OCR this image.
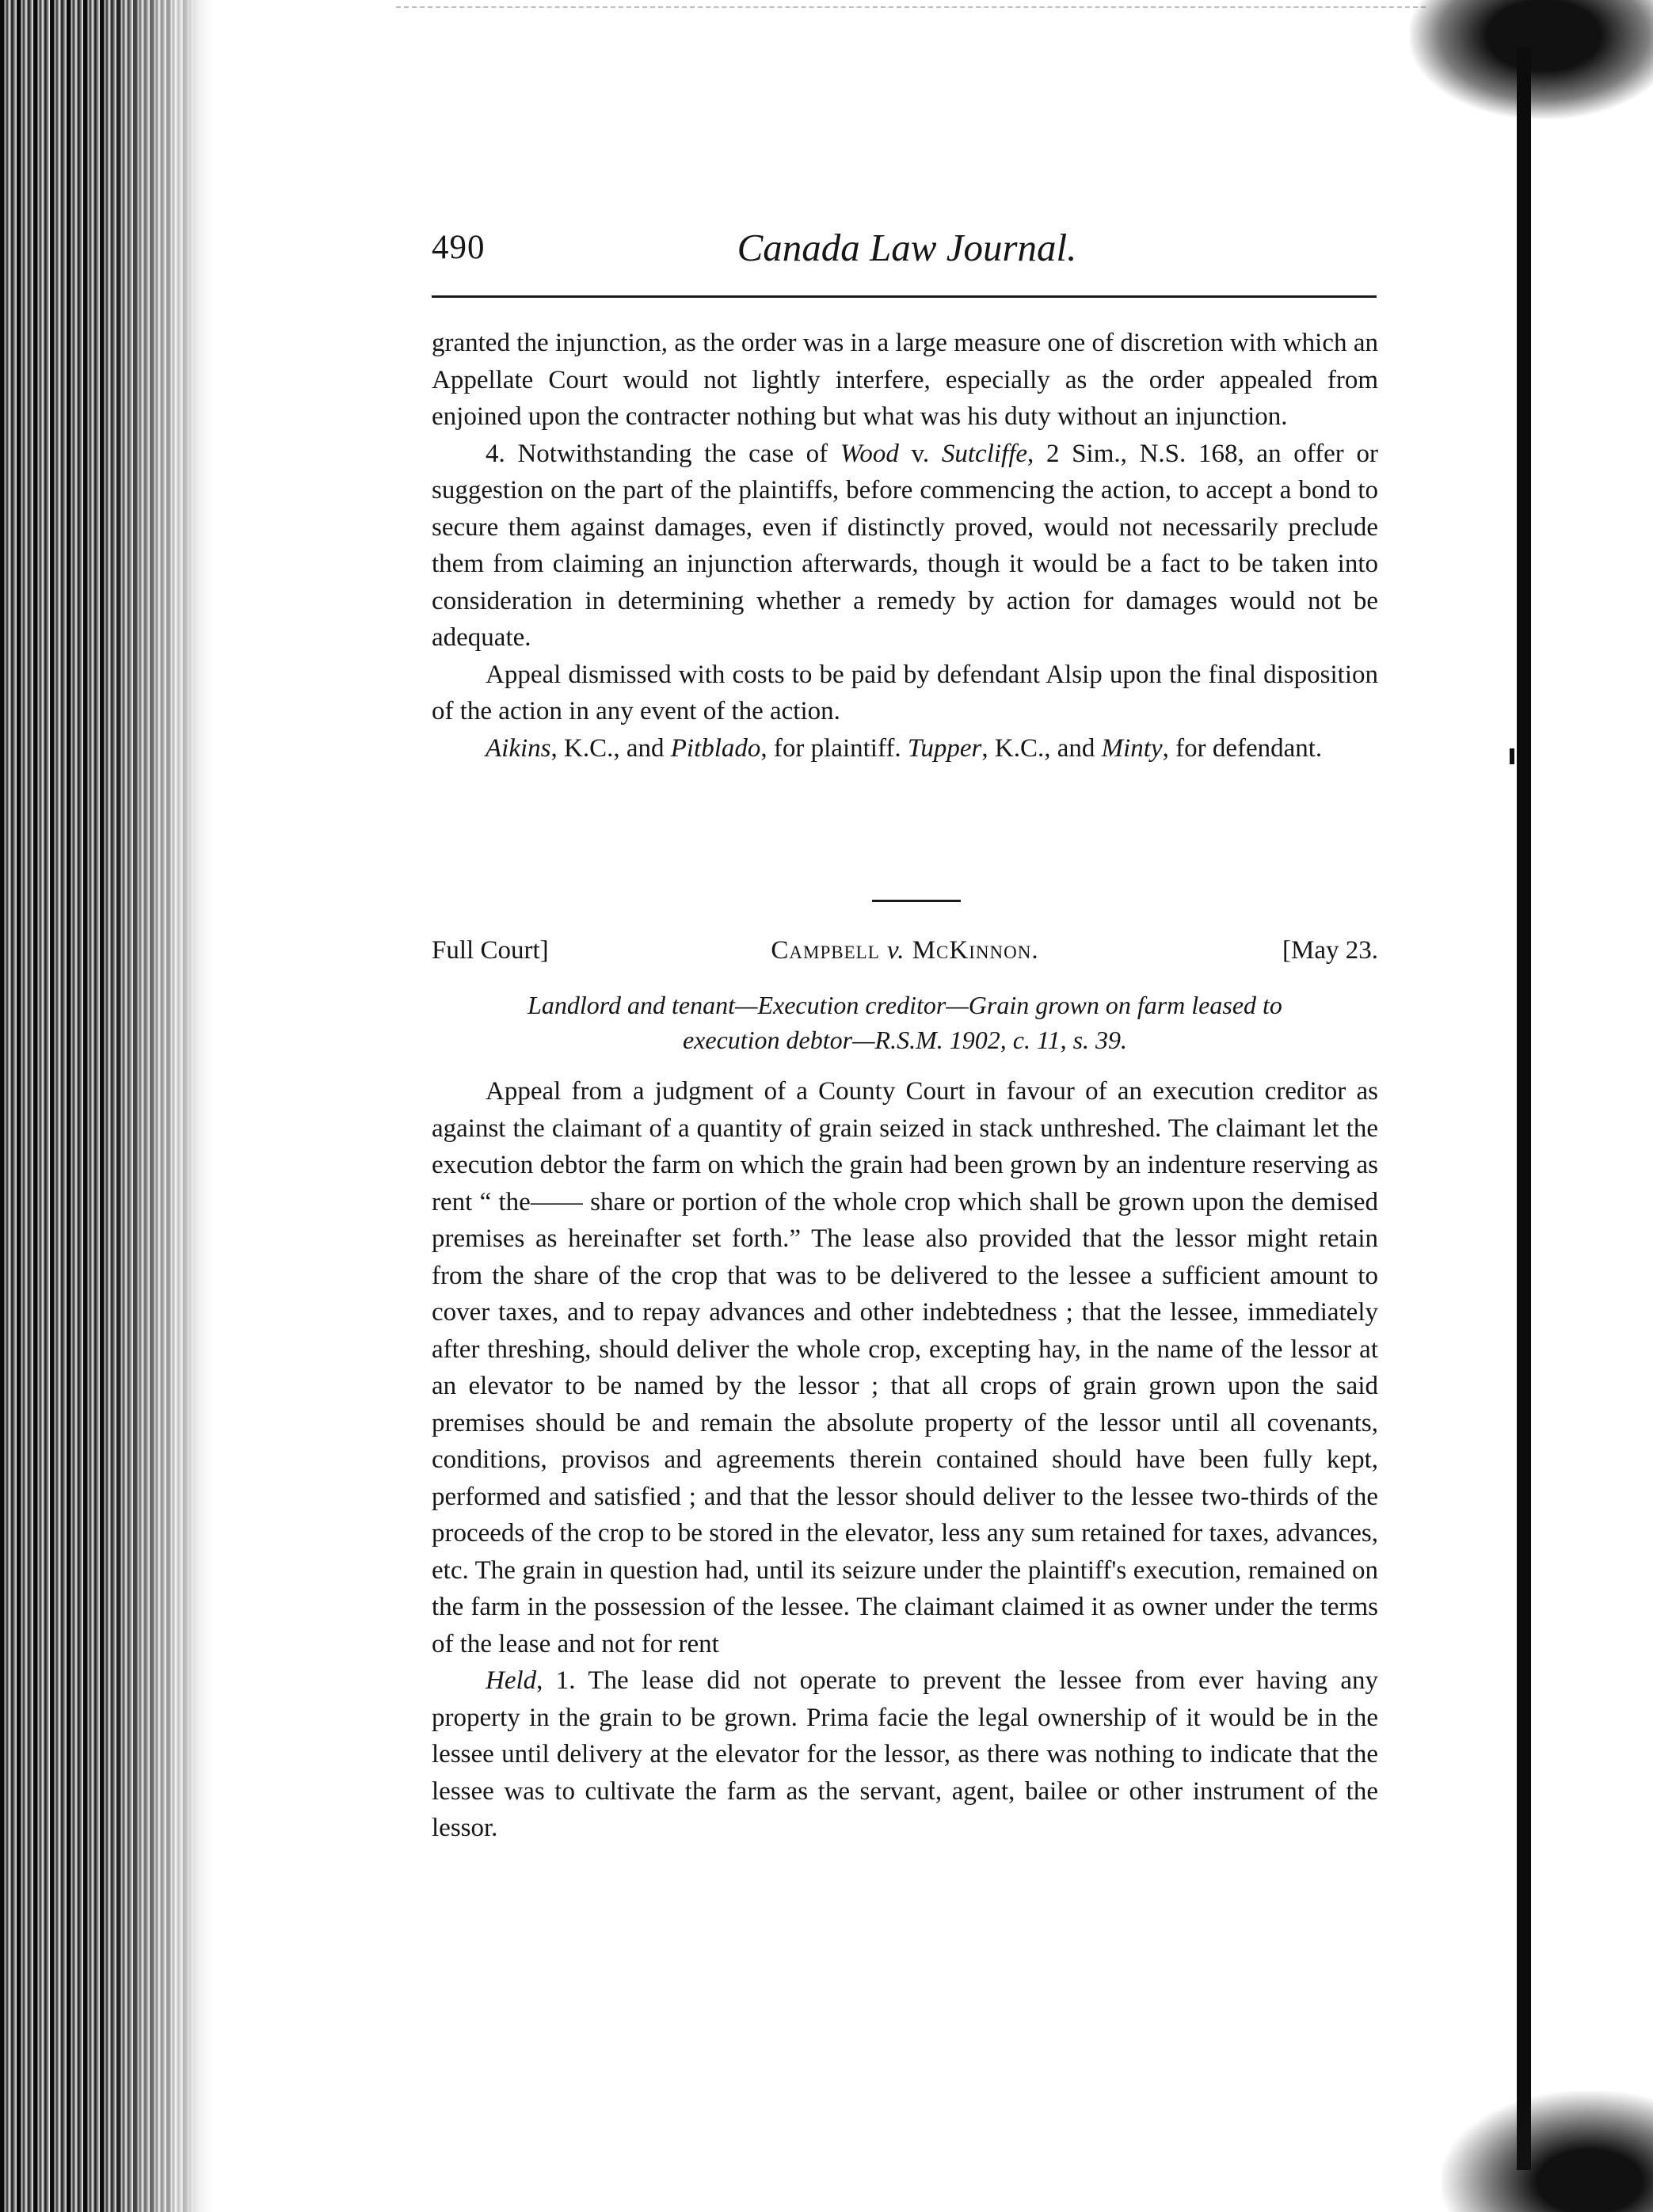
490	Canada Law Journal.

granted the injunction, as the order was in a large measure one of discretion with which an Appellate Court would not lightly interfere, especially as the order appealed from enjoined upon the contracter nothing but what was his duty without an injunction.

4. Notwithstanding the case of Wood v. Sutcliffe, 2 Sim., N.S. 168, an offer or suggestion on the part of the plaintiffs, before commencing the action, to accept a bond to secure them against damages, even if distinctly proved, would not necessarily preclude them from claiming an injunction afterwards, though it would be a fact to be taken into consideration in determining whether a remedy by action for damages would not be adequate.

Appeal dismissed with costs to be paid by defendant Alsip upon the final disposition of the action in any event of the action.

Aikins, K.C., and Pitblado, for plaintiff. Tupper, K.C., and Minty, for defendant.

Full Court]	Campbell v. McKinnon.	[May 23.
Landlord and tenant—Execution creditor—Grain grown on farm leased to
execution debtor—R.S.M. 1902, c. 11, s. 39.

Appeal from a judgment of a County Court in favour of an execution creditor as against the claimant of a quantity of grain seized in stack unthreshed. The claimant let the execution debtor the farm on which the grain had been grown by an indenture reserving as rent “ the—— share or portion of the whole crop which shall be grown upon the demised premises as hereinafter set forth.” The lease also provided that the lessor might retain from the share of the crop that was to be delivered to the lessee a sufficient amount to cover taxes, and to repay advances and other indebtedness ; that the lessee, immediately after threshing, should deliver the whole crop, excepting hay, in the name of the lessor at an elevator to be named by the lessor ; that all crops of grain grown upon the said premises should be and remain the absolute property of the lessor until all covenants, conditions, provisos and agreements therein contained should have been fully kept, performed and satisfied ; and that the lessor should deliver to the lessee two-thirds of the proceeds of the crop to be stored in the elevator, less any sum retained for taxes, advances, etc. The grain in question had, until its seizure under the plaintiff's execution, remained on the farm in the possession of the lessee. The claimant claimed it as owner under the terms of the lease and not for rent

Held, 1. The lease did not operate to prevent the lessee from ever having any property in the grain to be grown. Prima facie the legal ownership of it would be in the lessee until delivery at the elevator for the lessor, as there was nothing to indicate that the lessee was to cultivate the farm as the servant, agent, bailee or other instrument of the lessor.
